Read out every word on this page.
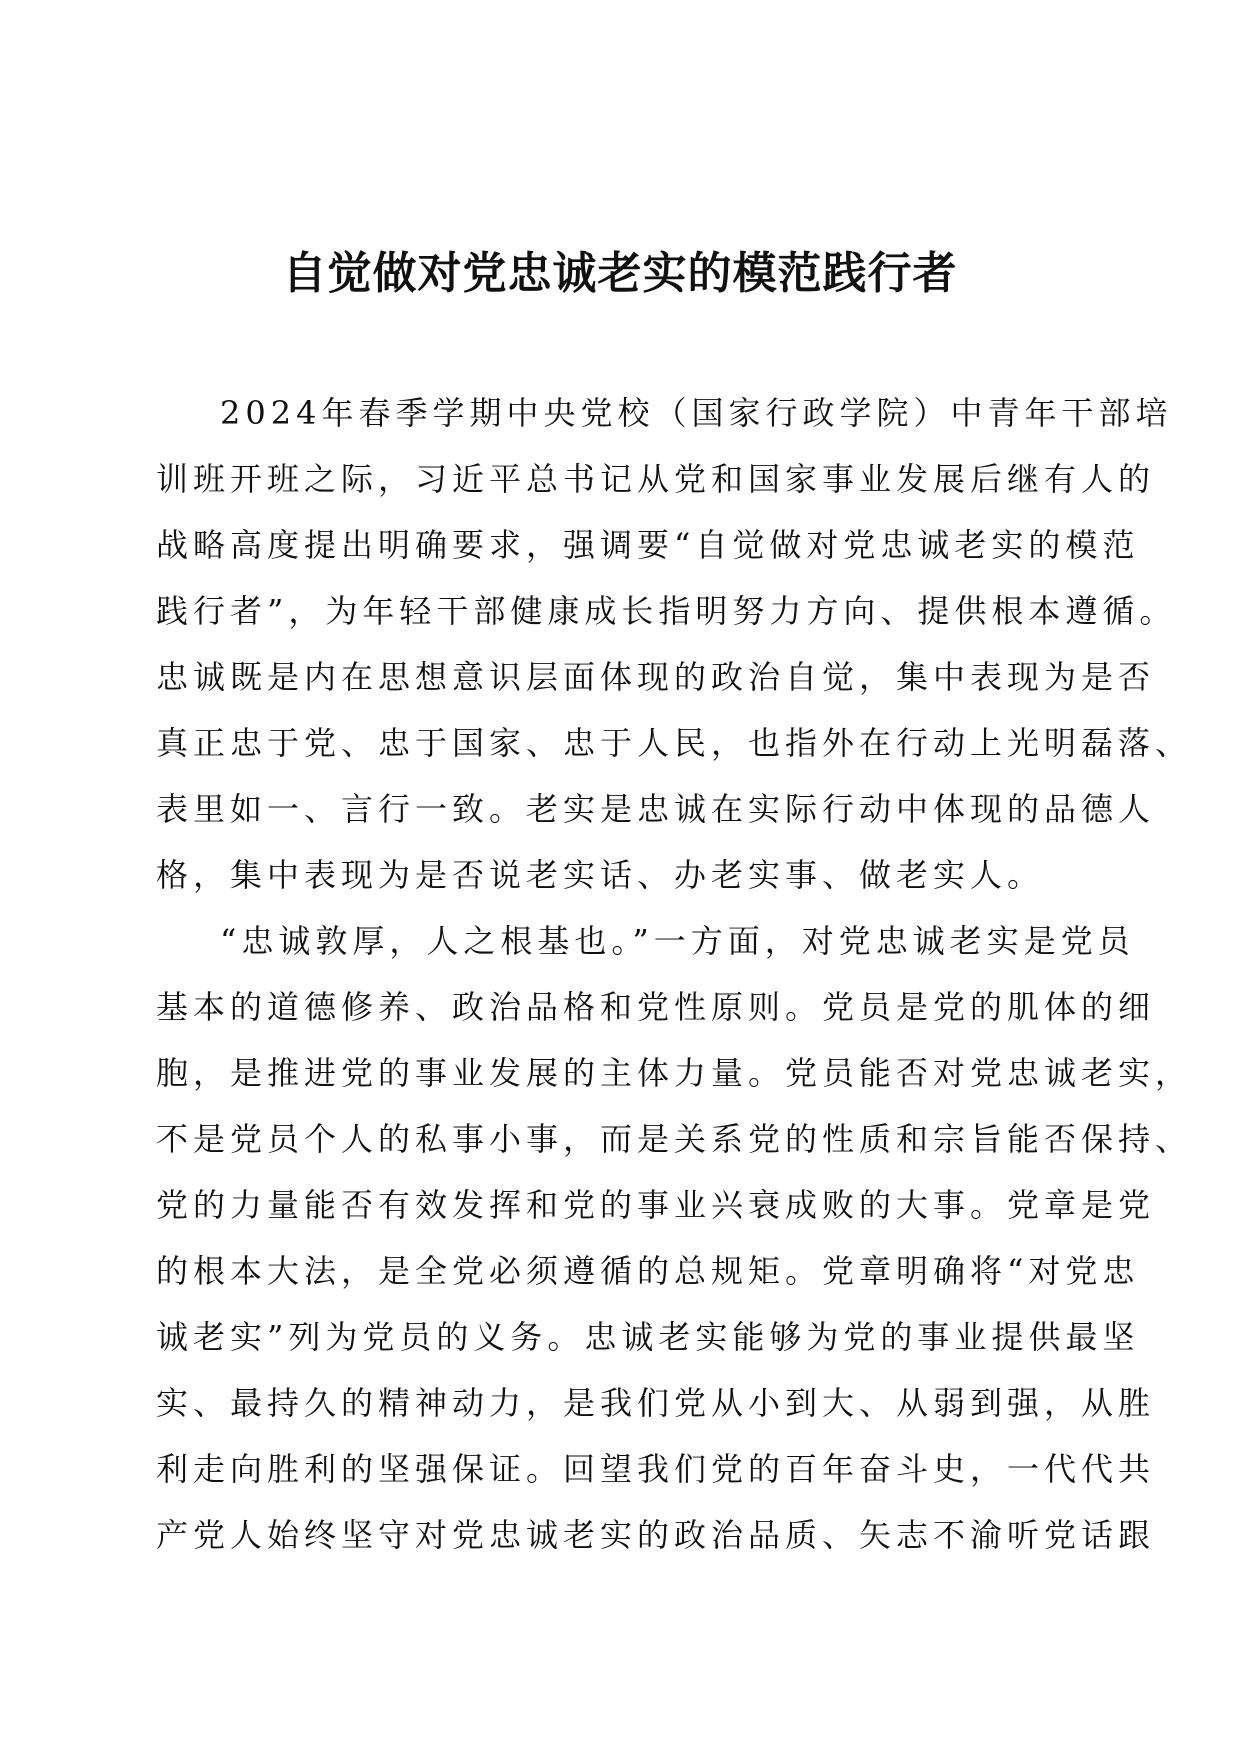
自觉做对党忠诚老实的模范践行者
2024年春季学期中央党校（国家行政学院）中青年干部培
训班开班之际，习近平总书记从党和国家事业发展后继有人的
战略高度提出明确要求，强调要“自觉做对党忠诚老实的模范
践行者”，为年轻干部健康成长指明努力方向、提供根本遵循。
忠诚既是内在思想意识层面体现的政治自觉，集中表现为是否
真正忠于党、忠于国家、忠于人民，也指外在行动上光明磊落、
表里如一、言行一致。老实是忠诚在实际行动中体现的品德人
格，集中表现为是否说老实话、办老实事、做老实人。
“忠诚敦厚，人之根基也。”一方面，对党忠诚老实是党员
基本的道德修养、政治品格和党性原则。党员是党的肌体的细
胞，是推进党的事业发展的主体力量。党员能否对党忠诚老实，
不是党员个人的私事小事，而是关系党的性质和宗旨能否保持、
党的力量能否有效发挥和党的事业兴衰成败的大事。党章是党
的根本大法，是全党必须遵循的总规矩。党章明确将“对党忠
诚老实”列为党员的义务。忠诚老实能够为党的事业提供最坚
实、最持久的精神动力，是我们党从小到大、从弱到强，从胜
利走向胜利的坚强保证。回望我们党的百年奋斗史，一代代共
产党人始终坚守对党忠诚老实的政治品质、矢志不渝听党话跟
